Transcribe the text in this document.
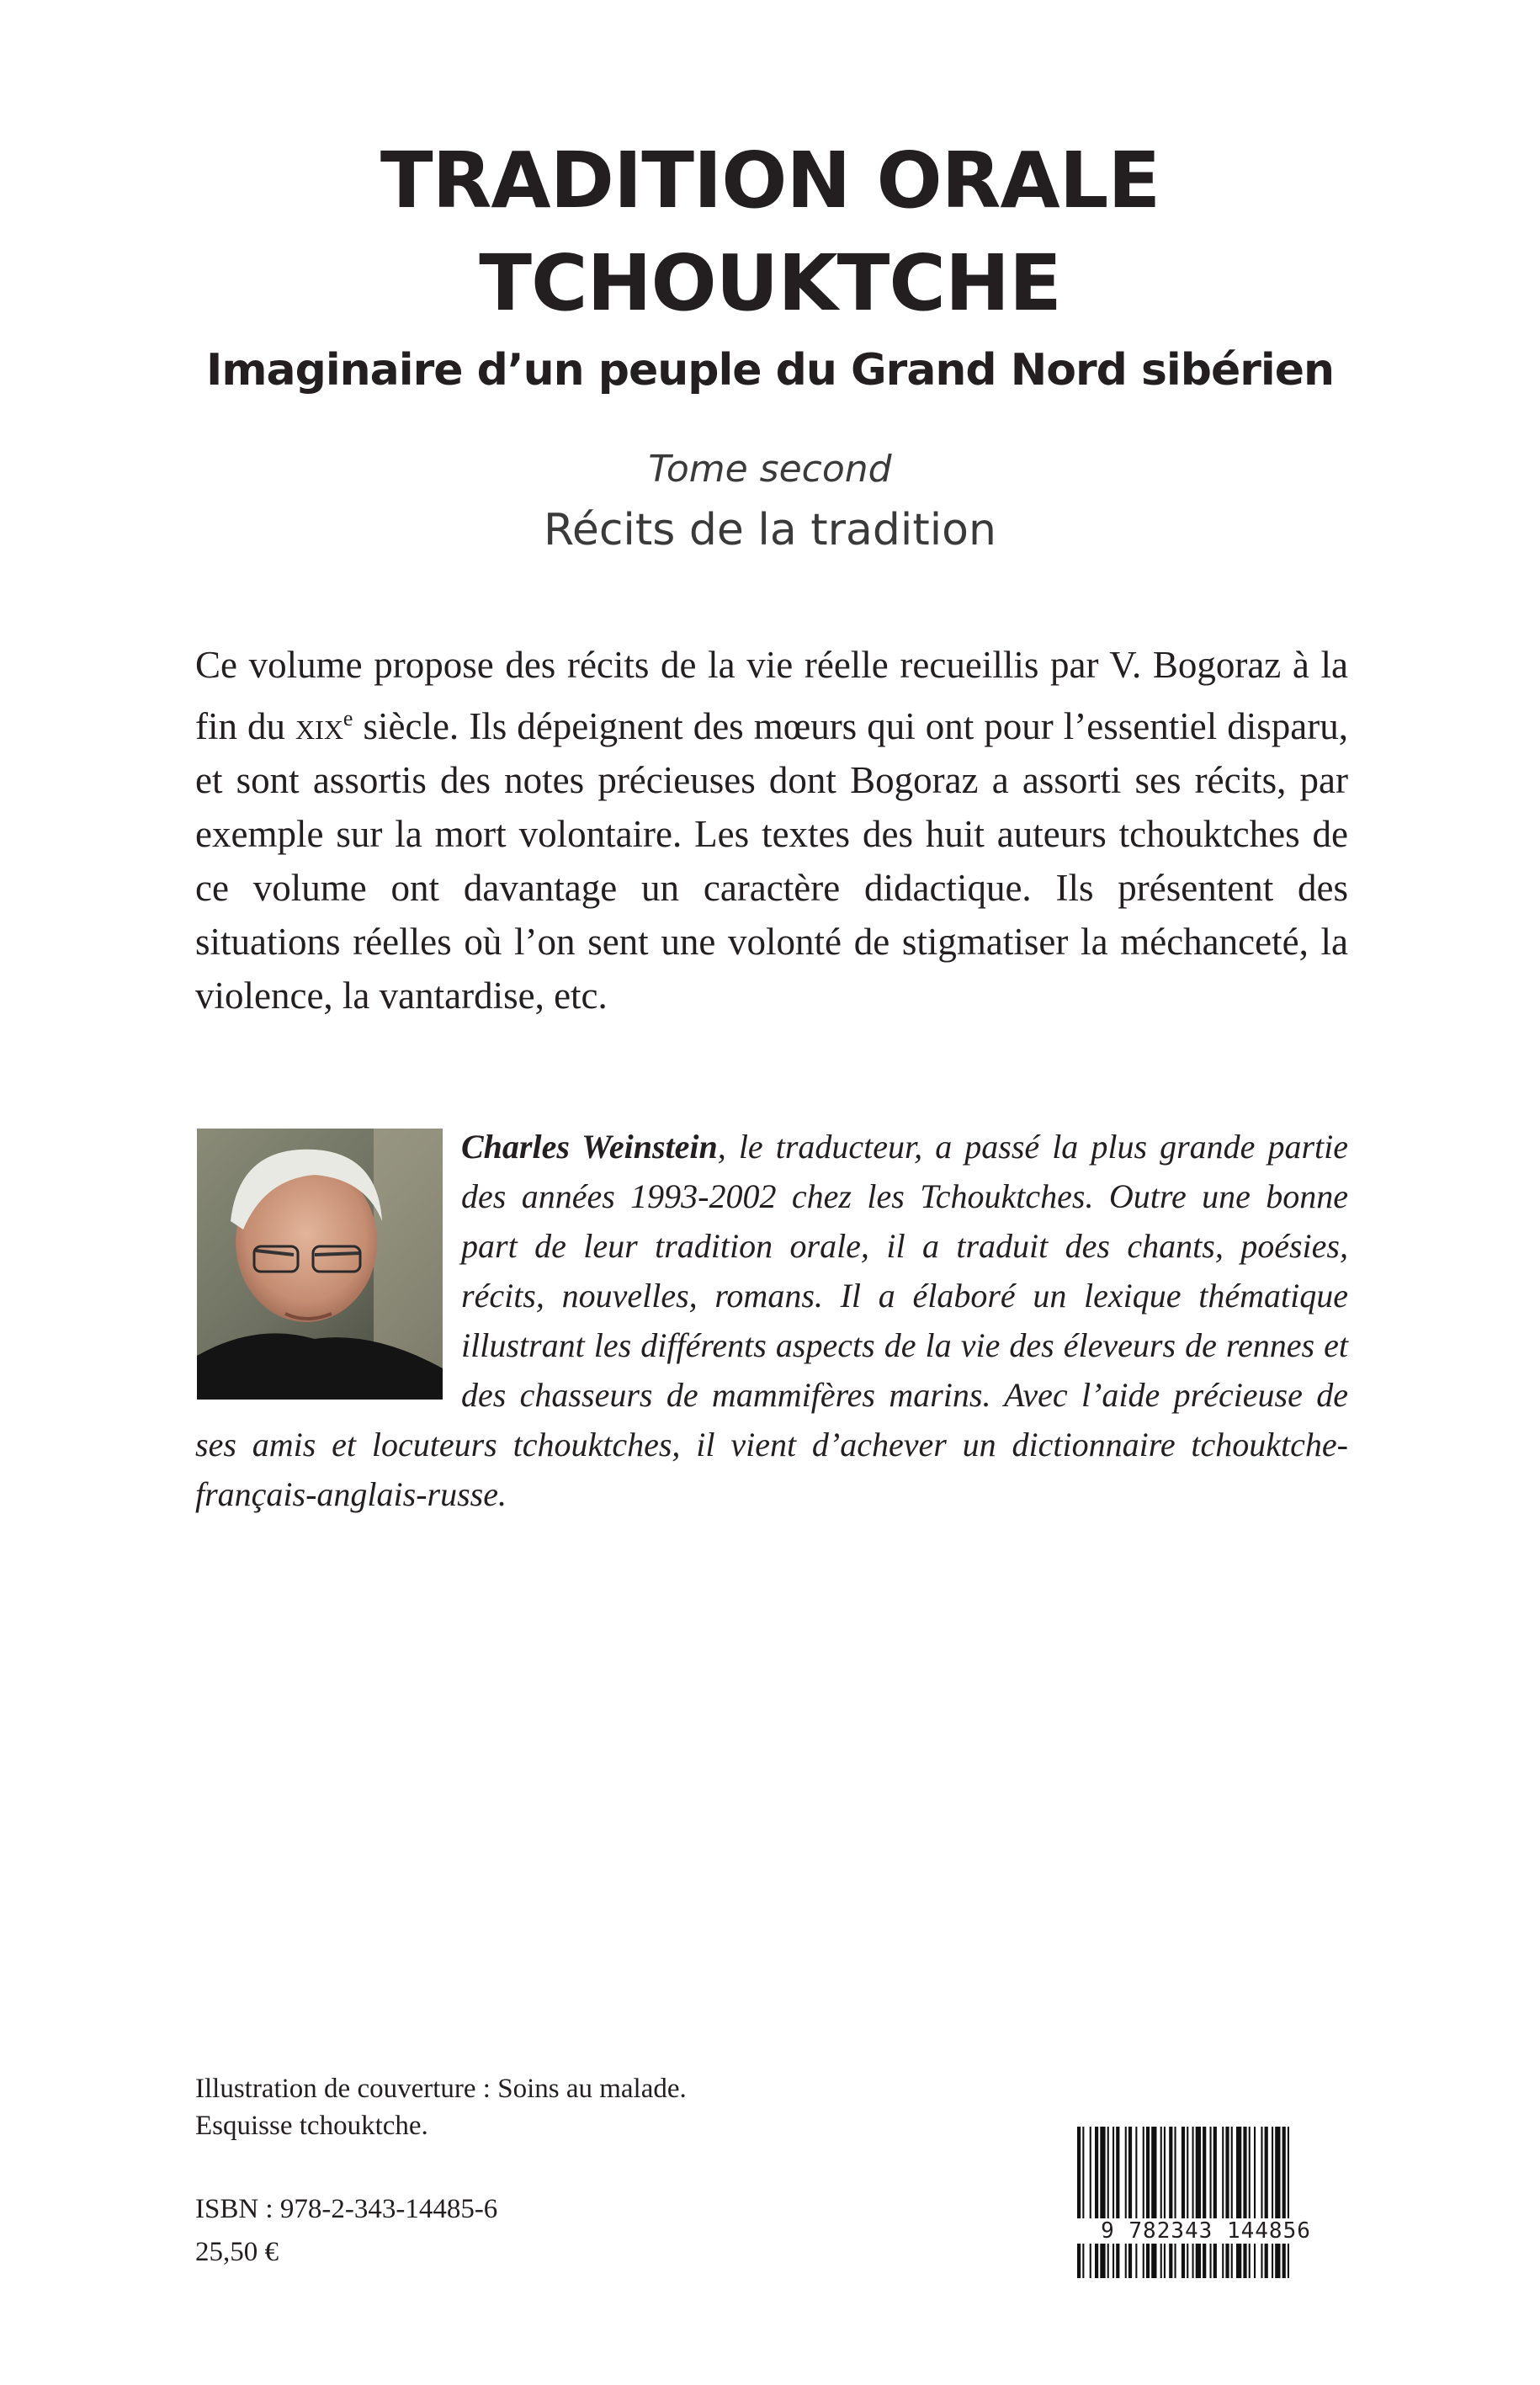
TRADITION ORALE
TCHOUKTCHE
Imaginaire d’un peuple du Grand Nord sibérien
Tome second
Récits de la tradition

Ce volume propose des récits de la vie réelle recueillis par V. Bogoraz à la fin du xix$^e$ siècle. Ils dépeignent des mœurs qui ont pour l’essentiel disparu, et sont assortis des notes précieuses dont Bogoraz a assorti ses récits, par exemple sur la mort volontaire. Les textes des huit auteurs tchouktches de ce volume ont davantage un caractère didactique. Ils présentent des situations réelles où l’on sent une volonté de stigmatiser la méchanceté, la violence, la vantardise, etc.

Charles Weinstein, le traducteur, a passé la plus grande partie des années 1993-2002 chez les Tchouktches. Outre une bonne part de leur tradition orale, il a traduit des chants, poésies, récits, nouvelles, romans. Il a élaboré un lexique thématique illustrant les différents aspects de la vie des éleveurs de rennes et des chasseurs de mammifères marins. Avec l’aide précieuse de ses amis et locuteurs tchouktches, il vient d’achever un dictionnaire tchouktche-français-anglais-russe.

Illustration de couverture : Soins au malade.
Esquisse tchouktche.
ISBN : 978-2-343-14485-6
25,50 €
9 782343 144856
